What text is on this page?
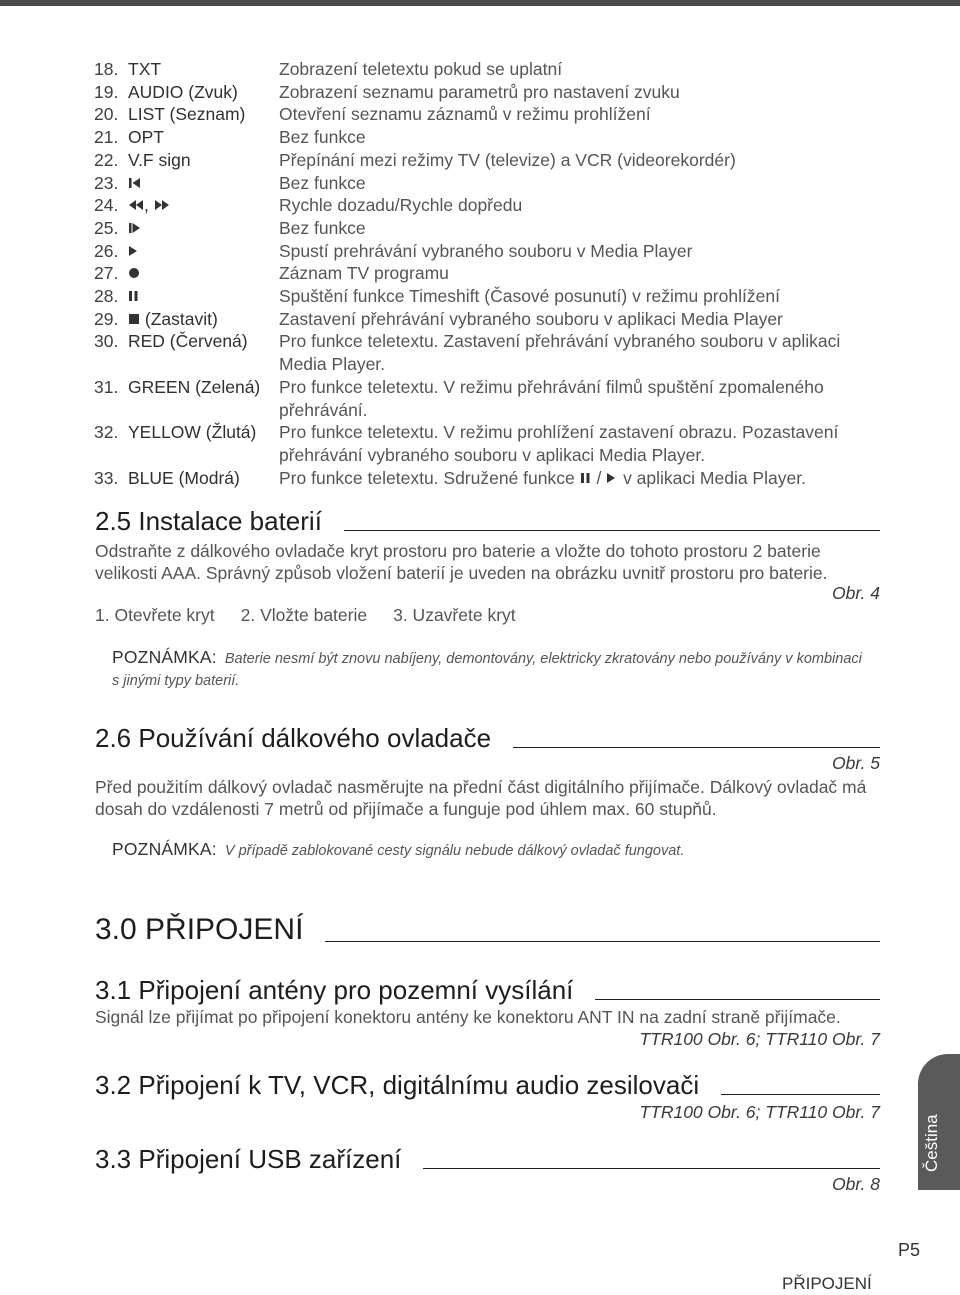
18. TXT	Zobrazení teletextu pokud se uplatní
19. AUDIO (Zvuk)	Zobrazení seznamu parametrů pro nastavení zvuku
20. LIST (Seznam)	Otevření seznamu záznamů v režimu prohlížení
21. OPT	Bez funkce
22. V.F sign	Přepínání mezi režimy TV (televize) a VCR (videorekordér)
23.	Bez funkce
24.	,	Rychle dozadu/Rychle dopředu
25.	Bez funkce
26.	Spustí prehrávání vybraného souboru v Media Player
27.	Záznam TV programu
28.	Spuštění funkce Timeshift (Časové posunutí) v režimu prohlížení
29.	(Zastavit)	Zastavení přehrávání vybraného souboru v aplikaci Media Player
30. RED (Červená)	Pro funkce teletextu. Zastavení přehrávání vybraného souboru v aplikaci Media Player.
31. GREEN (Zelená)	Pro funkce teletextu. V režimu přehrávání filmů spuštění zpomaleného přehrávání.
32. YELLOW (Žlutá)	Pro funkce teletextu. V režimu prohlížení zastavení obrazu. Pozastavení přehrávání vybraného souboru v aplikaci Media Player.
33. BLUE (Modrá)	Pro funkce teletextu. Sdružené funkce  /  v aplikaci Media Player.
2.5 Instalace baterií
Odstraňte z dálkového ovladače kryt prostoru pro baterie a vložte do tohoto prostoru 2 baterie velikosti AAA. Správný způsob vložení baterií je uveden na obrázku uvnitř prostoru pro baterie.
Obr. 4
1. Otevřete kryt 2. Vložte baterie 3. Uzavřete kryt
POZNÁMKA: Baterie nesmí být znovu nabíjeny, demontovány, elektricky zkratovány nebo používány v kombinaci s jinými typy baterií.
2.6 Používání dálkového ovladače
Obr. 5
Před použitím dálkový ovladač nasměrujte na přední část digitálního přijímače. Dálkový ovladač má dosah do vzdálenosti 7 metrů od přijímače a funguje pod úhlem max. 60 stupňů.
POZNÁMKA: V případě zablokované cesty signálu nebude dálkový ovladač fungovat.
3.0 PŘIPOJENÍ
3.1 Připojení antény pro pozemní vysílání
Signál lze přijímat po připojení konektoru antény ke konektoru ANT IN na zadní straně přijímače.
TTR100 Obr. 6; TTR110 Obr. 7
3.2 Připojení k TV, VCR, digitálnímu audio zesilovači
TTR100 Obr. 6; TTR110 Obr. 7
3.3 Připojení USB zařízení
Obr. 8
Čeština
P5
PŘIPOJENÍ
